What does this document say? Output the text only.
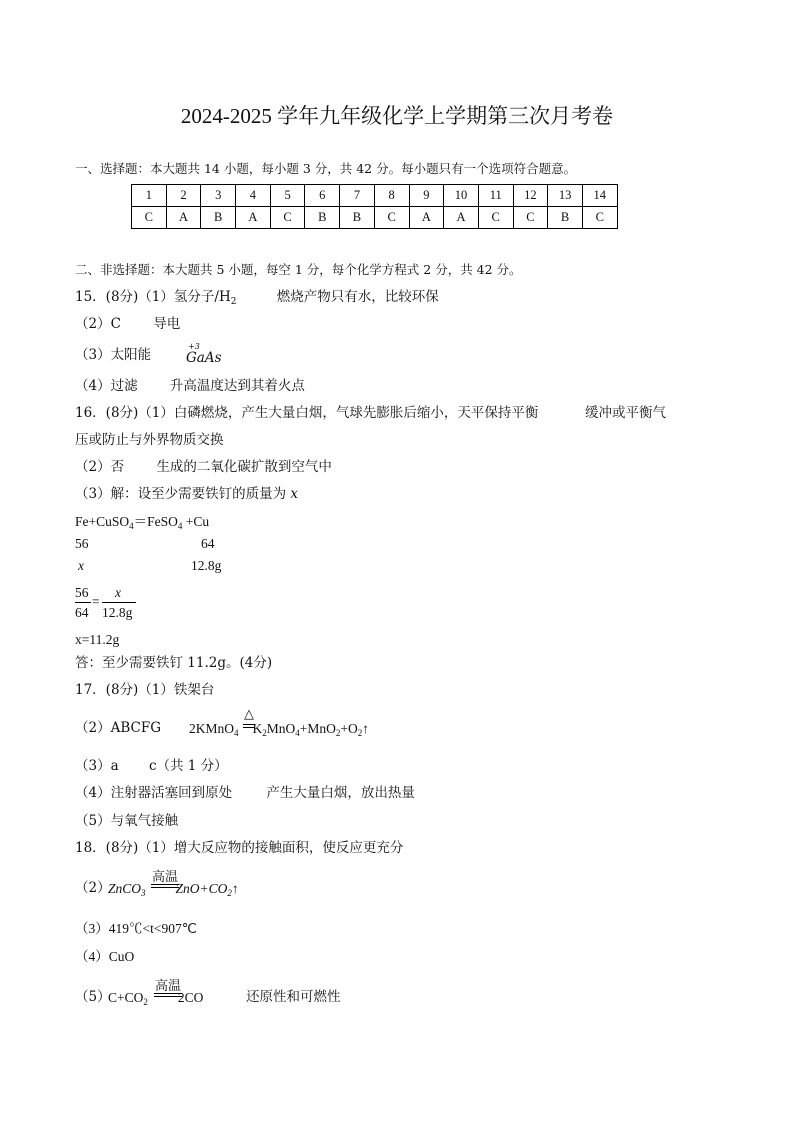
2024-2025 学年九年级化学上学期第三次月考卷
一、选择题：本大题共 14 小题，每小题 3 分，共 42 分。每小题只有一个选项符合题意。
1	2	3	4	5	6	7	8	9	10	11	12	13	14
C	A	B	A	C	B	B	C	A	A	C	C	B	C
二、非选择题：本大题共 5 小题，每空 1 分，每个化学方程式 2 分，共 42 分。
15．(8分)（1）氢分子$/H_2$	燃烧产物只有水，比较环保
（2）C 导电
（3）太阳能
+3
GaAs
（4）过滤 升高温度达到其着火点
16．(8分)（1）白磷燃烧，产生大量白烟，气球先膨胀后缩小，天平保持平衡	缓冲或平衡气
压或防止与外界物质交换
（2）否 生成的二氧化碳扩散到空气中
（3）解：设至少需要铁钉的质量为 x
Fe+CuSO$_4$＝FeSO$_4$ +Cu
56	64
x	12.8g
56
64
=
x
12.8g
x=11.2g
答：至少需要铁钉 11.2g。(4分)
17．(8分)（1）铁架台
（2）ABCFG 2KMnO$_4$ $K_2MnO_4+MnO_2+O_2↑$
△
（3）a c（共 1 分）
（4）注射器活塞回到原处	产生大量白烟，放出热量
（5）与氧气接触
18．(8分)（1）增大反应物的接触面积，使反应更充分
（2）
ZnCO$_3$ $ZnO+CO_2↑$
高温
（3）419℃<t<907℃
（4）CuO
（5）
$C+CO_2$ 2CO
高温
还原性和可燃性
